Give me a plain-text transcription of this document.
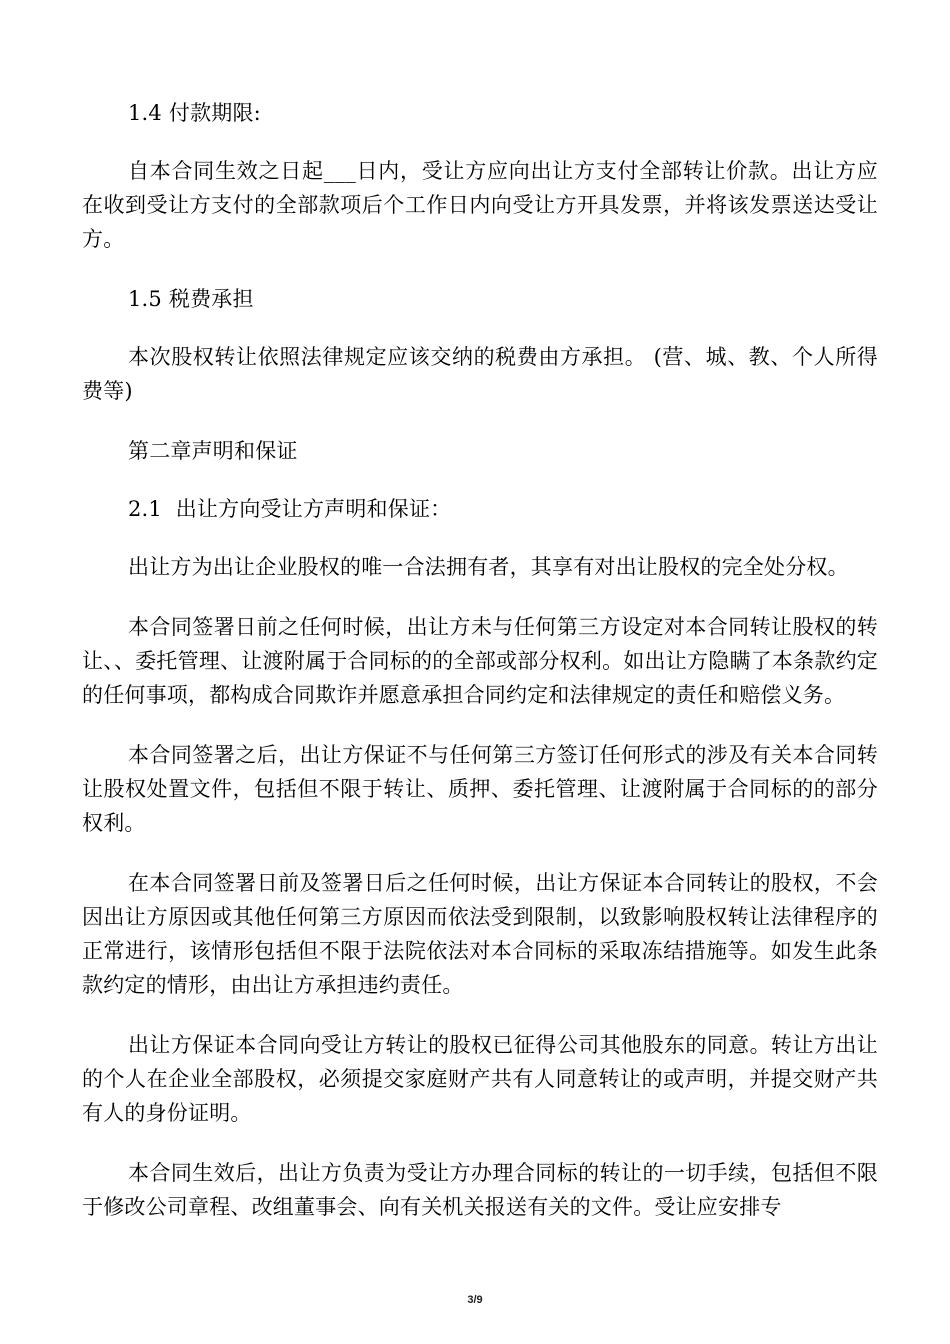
1.4 付款期限:

自本合同生效之日起___日内，受让方应向出让方支付全部转让价款。出让方应在收到受让方支付的全部款项后个工作日内向受让方开具发票，并将该发票送达受让方。

1.5 税费承担

本次股权转让依照法律规定应该交纳的税费由方承担。 (营、城、教、个人所得费等)

第二章声明和保证

2.1  出让方向受让方声明和保证：

出让方为出让企业股权的唯一合法拥有者，其享有对出让股权的完全处分权。

本合同签署日前之任何时候，出让方未与任何第三方设定对本合同转让股权的转让、、委托管理、让渡附属于合同标的的全部或部分权利。如出让方隐瞒了本条款约定的任何事项，都构成合同欺诈并愿意承担合同约定和法律规定的责任和赔偿义务。

本合同签署之后，出让方保证不与任何第三方签订任何形式的涉及有关本合同转让股权处置文件，包括但不限于转让、质押、委托管理、让渡附属于合同标的的部分权利。

在本合同签署日前及签署日后之任何时候，出让方保证本合同转让的股权，不会因出让方原因或其他任何第三方原因而依法受到限制，以致影响股权转让法律程序的正常进行，该情形包括但不限于法院依法对本合同标的采取冻结措施等。如发生此条款约定的情形，由出让方承担违约责任。

出让方保证本合同向受让方转让的股权已征得公司其他股东的同意。转让方出让的个人在企业全部股权，必须提交家庭财产共有人同意转让的或声明，并提交财产共有人的身份证明。

本合同生效后，出让方负责为受让方办理合同标的转让的一切手续，包括但不限于修改公司章程、改组董事会、向有关机关报送有关的文件。受让应安排专

3/9
